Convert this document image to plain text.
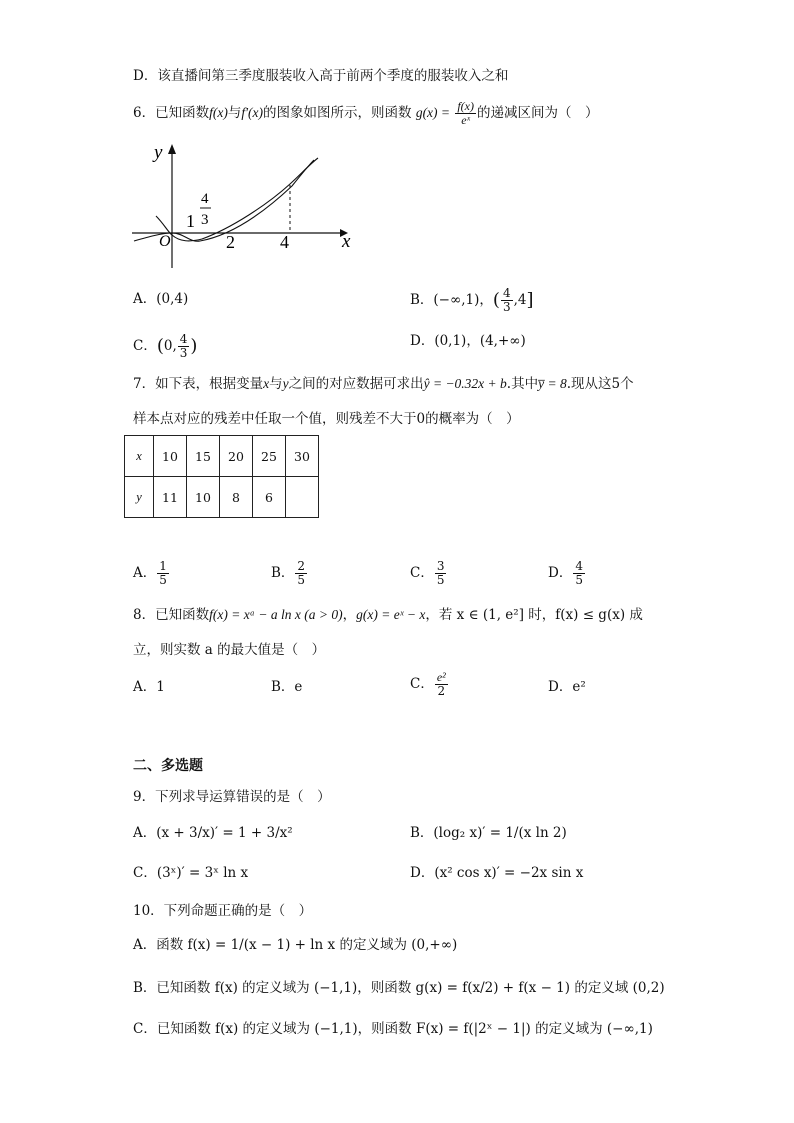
D．该直播间第三季度服装收入高于前两个季度的服装收入之和
6．已知函数f(x)与f′(x)的图象如图所示，则函数 $g(x) = \frac{f(x)}{\text{eˣ}}$ 的递减区间为（　）
y
x
O
1
4
3
2	4
A．(0,4)	B．(−∞,1)，( $\frac{4}{3} ,4$]
C．(0, $\frac{4}{3}$ )	D．(0,1)，(4,+∞)
7．如下表，根据变量x与y之间的对应数据可求出ŷ = −0.32x + b.其中y̅ = 8.现从这5个
样本点对应的残差中任取一个值，则残差不大于0的概率为（　）
x	10	15	20	25	30
y	11	10	8	6	
A． $\frac{1}{5}$	B． $\frac{2}{5}$	C． $\frac{3}{5}$	D． $\frac{4}{5}$
8．已知函数f(x) = xᵃ − a ln x (a > 0)，g(x) = eˣ − x，若 x ∈ (1, e²] 时，f(x) ≤ g(x) 成
立，则实数 a 的最大值是（　）
A．1	B．e	C． $\frac{\text{e²}}{2}$	D．e²
二、多选题
9．下列求导运算错误的是（　）
A．(x + 3/x)′ = 1 + 3/x²	B．(log₂ x)′ = 1/(x ln 2)
C．(3ˣ)′ = 3ˣ ln x	D．(x² cos x)′ = −2x sin x
10．下列命题正确的是（　）
A．函数 f(x) = 1/(x − 1) + ln x 的定义域为 (0,+∞)
B．已知函数 f(x) 的定义域为 (−1,1)，则函数 g(x) = f(x/2) + f(x − 1) 的定义域 (0,2)
C．已知函数 f(x) 的定义域为 (−1,1)，则函数 F(x) = f(|2ˣ − 1|) 的定义域为 (−∞,1)
